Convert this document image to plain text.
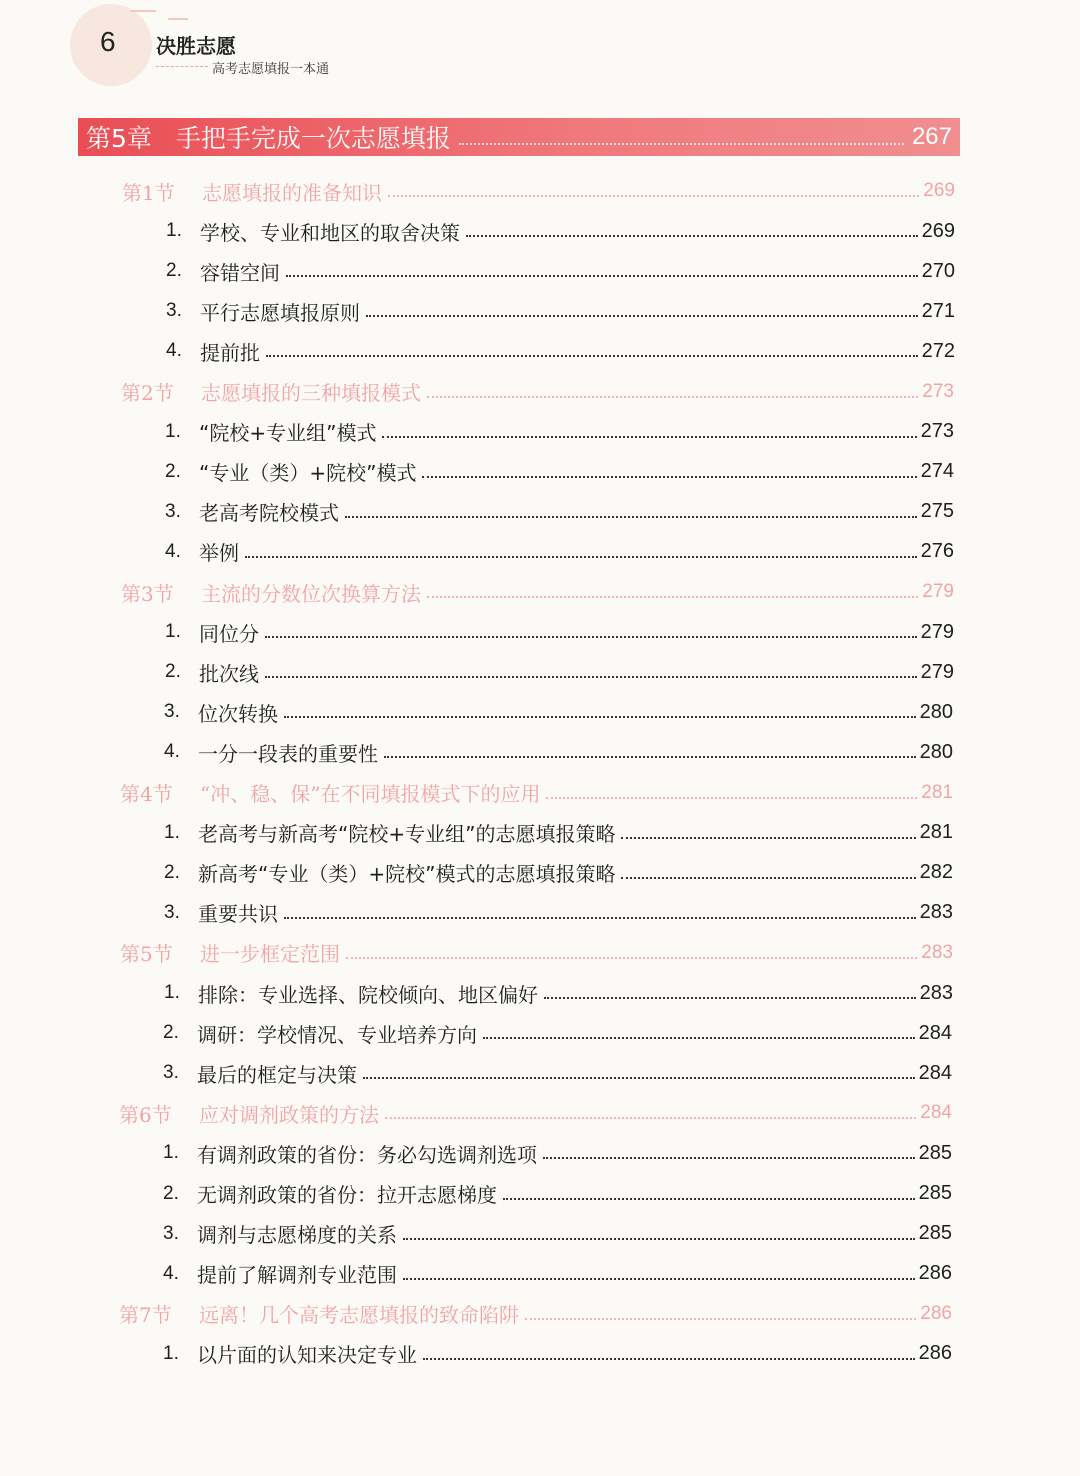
6 决胜志愿
高考志愿填报一本通
第5章 手把手完成一次志愿填报	267
第1节	志愿填报的准备知识	269
1. 学校、专业和地区的取舍决策	269
2. 容错空间	270
3. 平行志愿填报原则	271
4. 提前批	272
第2节	志愿填报的三种填报模式	273
1. “院校+专业组”模式	273
2. “专业（类）+院校”模式	274
3. 老高考院校模式	275
4. 举例	276
第3节	主流的分数位次换算方法	279
1. 同位分	279
2. 批次线	279
3. 位次转换	280
4. 一分一段表的重要性	280
第4节	“冲、稳、保”在不同填报模式下的应用	281
1. 老高考与新高考“院校+专业组”的志愿填报策略	281
2. 新高考“专业（类）+院校”模式的志愿填报策略	282
3. 重要共识	283
第5节	进一步框定范围	283
1. 排除：专业选择、院校倾向、地区偏好	283
2. 调研：学校情况、专业培养方向	284
3. 最后的框定与决策	284
第6节	应对调剂政策的方法	284
1. 有调剂政策的省份：务必勾选调剂选项	285
2. 无调剂政策的省份：拉开志愿梯度	285
3. 调剂与志愿梯度的关系	285
4. 提前了解调剂专业范围	286
第7节	远离！几个高考志愿填报的致命陷阱	286
1. 以片面的认知来决定专业	286
